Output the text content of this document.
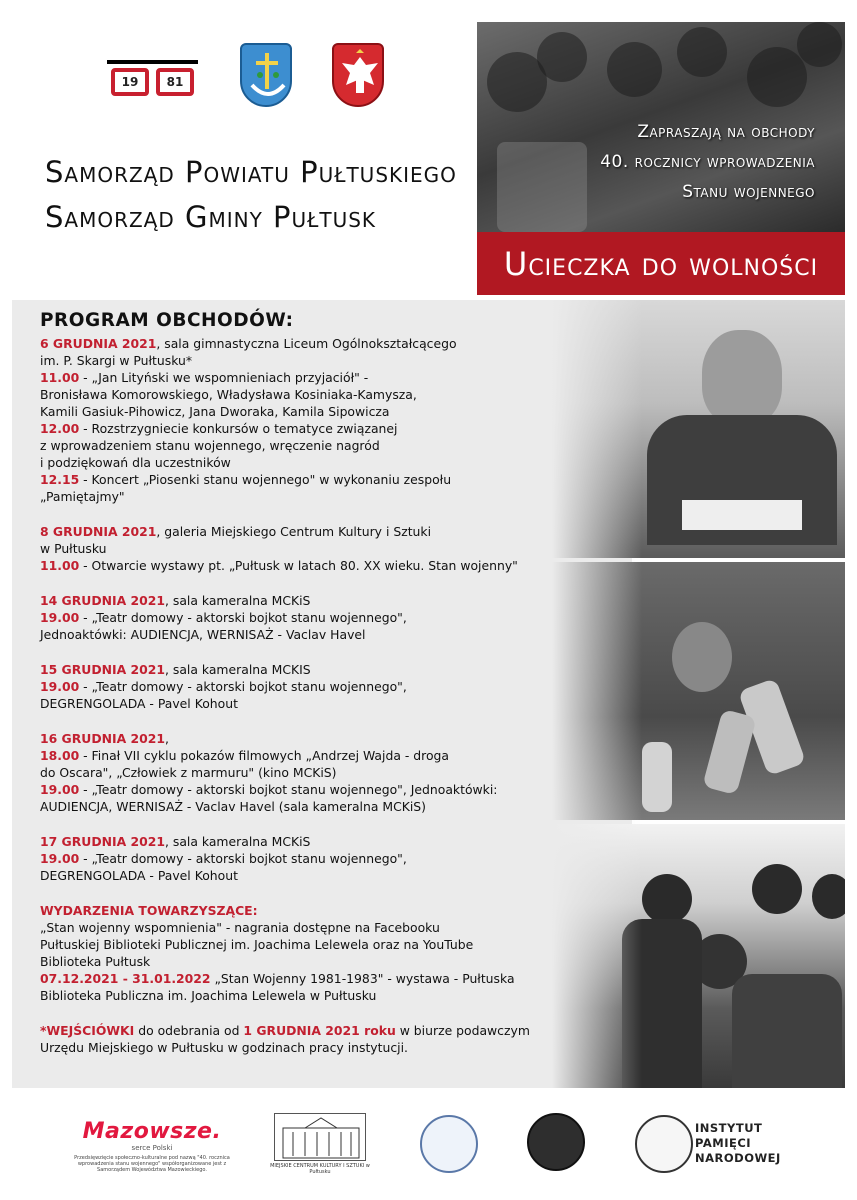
19	81
Samorząd Powiatu Pułtuskiego
Samorząd Gminy Pułtusk
Zapraszają na obchody
40. rocznicy wprowadzenia
Stanu wojennego
Ucieczka do wolności
PROGRAM OBCHODÓW:
6 GRUDNIA 2021, sala gimnastyczna Liceum Ogólnokształcącego
im. P. Skargi w Pułtusku*
11.00 - „Jan Lityński we wspomnieniach przyjaciół" -
Bronisława Komorowskiego, Władysława Kosiniaka-Kamysza,
Kamili Gasiuk-Pihowicz, Jana Dworaka, Kamila Sipowicza
12.00 - Rozstrzygniecie konkursów o tematyce związanej
z wprowadzeniem stanu wojennego, wręczenie nagród
i podziękowań dla uczestników
12.15 - Koncert „Piosenki stanu wojennego" w wykonaniu zespołu
„Pamiętajmy"
8 GRUDNIA 2021, galeria Miejskiego Centrum Kultury i Sztuki
w Pułtusku
11.00 - Otwarcie wystawy pt. „Pułtusk w latach 80. XX wieku. Stan wojenny"
14 GRUDNIA 2021, sala kameralna MCKiS
19.00 - „Teatr domowy - aktorski bojkot stanu wojennego",
Jednoaktówki: AUDIENCJA, WERNISAŻ - Vaclav Havel
15 GRUDNIA 2021, sala kameralna MCKIS
19.00 - „Teatr domowy - aktorski bojkot stanu wojennego",
DEGRENGOLADA - Pavel Kohout
16 GRUDNIA 2021,
18.00 - Finał VII cyklu pokazów filmowych „Andrzej Wajda - droga
do Oscara", „Człowiek z marmuru" (kino MCKiS)
19.00 - „Teatr domowy - aktorski bojkot stanu wojennego", Jednoaktówki:
AUDIENCJA, WERNISAŻ - Vaclav Havel (sala kameralna MCKiS)
17 GRUDNIA 2021, sala kameralna MCKiS
19.00 - „Teatr domowy - aktorski bojkot stanu wojennego",
DEGRENGOLADA - Pavel Kohout
WYDARZENIA TOWARZYSZĄCE:
„Stan wojenny wspomnienia" - nagrania dostępne na Facebooku
Pułtuskiej Biblioteki Publicznej im. Joachima Lelewela oraz na YouTube
Biblioteka Pułtusk
07.12.2021 - 31.01.2022 „Stan Wojenny 1981-1983" - wystawa - Pułtuska
Biblioteka Publiczna im. Joachima Lelewela w Pułtusku
*WEJŚCIÓWKI do odebrania od 1 GRUDNIA 2021 roku w biurze podawczym
Urzędu Miejskiego w Pułtusku w godzinach pracy instytucji.
Mazowsze.
serce Polski
Przedsięwzięcie społeczno-kulturalne pod nazwą "40. rocznica wprowadzenia stanu wojennego" współorganizowane jest z Samorządem Województwa Mazowieckiego.
MIEJSKIE CENTRUM KULTURY I SZTUKI w Pułtusku
INSTYTUT
PAMIĘCI
NARODOWEJ
